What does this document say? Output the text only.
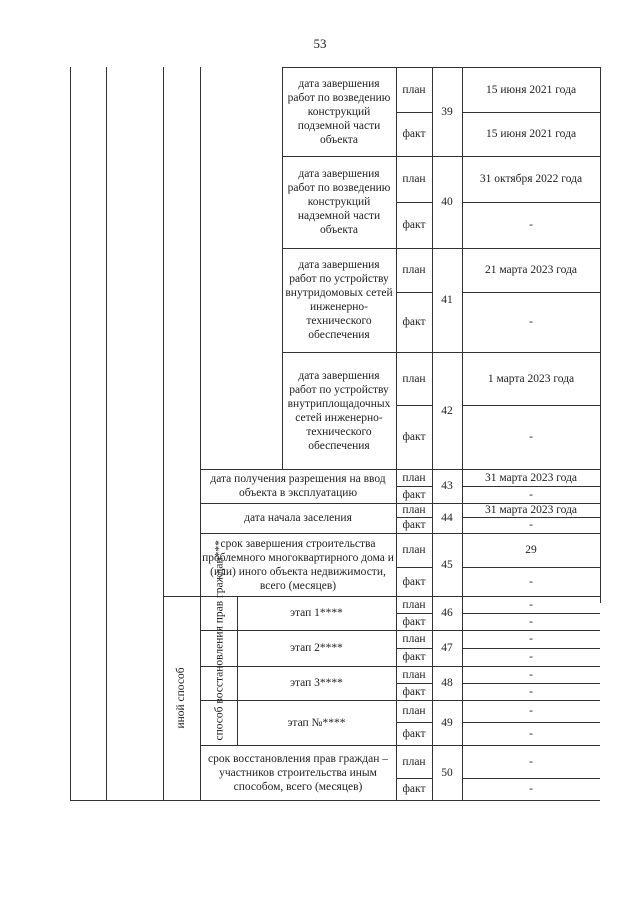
53
дата завершения работ по возведению конструкций подземной части объекта
план
факт
39
15 июня 2021 года
15 июня 2021 года
дата завершения работ по возведению конструкций надземной части объекта
план
факт
40
31 октября 2022 года
-
дата завершения работ по устройству внутридомовых сетей инженерно-технического обеспечения
план
факт
41
21 марта 2023 года
-
дата завершения работ по устройству внутриплощадочных сетей инженерно-технического обеспечения
план
факт
42
1 марта 2023 года
-
дата получения разрешения на ввод объекта в эксплуатацию
план
факт
43
31 марта 2023 года
-
дата начала заселения
план
факт
44
31 марта 2023 года
-
срок завершения строительства проблемного многоквартирного дома и (или) иного объекта недвижимости, всего (месяцев)
план
факт
45
29
-
этап 1****
план
факт
46
-
-
этап 2****
план
факт
47
-
-
этап 3****
план
факт
48
-
-
этап №****
план
факт
49
-
-
срок восстановления прав граждан – участников строительства иным способом, всего (месяцев)
план
факт
50
-
-
иной способ способ восстановления прав граждан***
